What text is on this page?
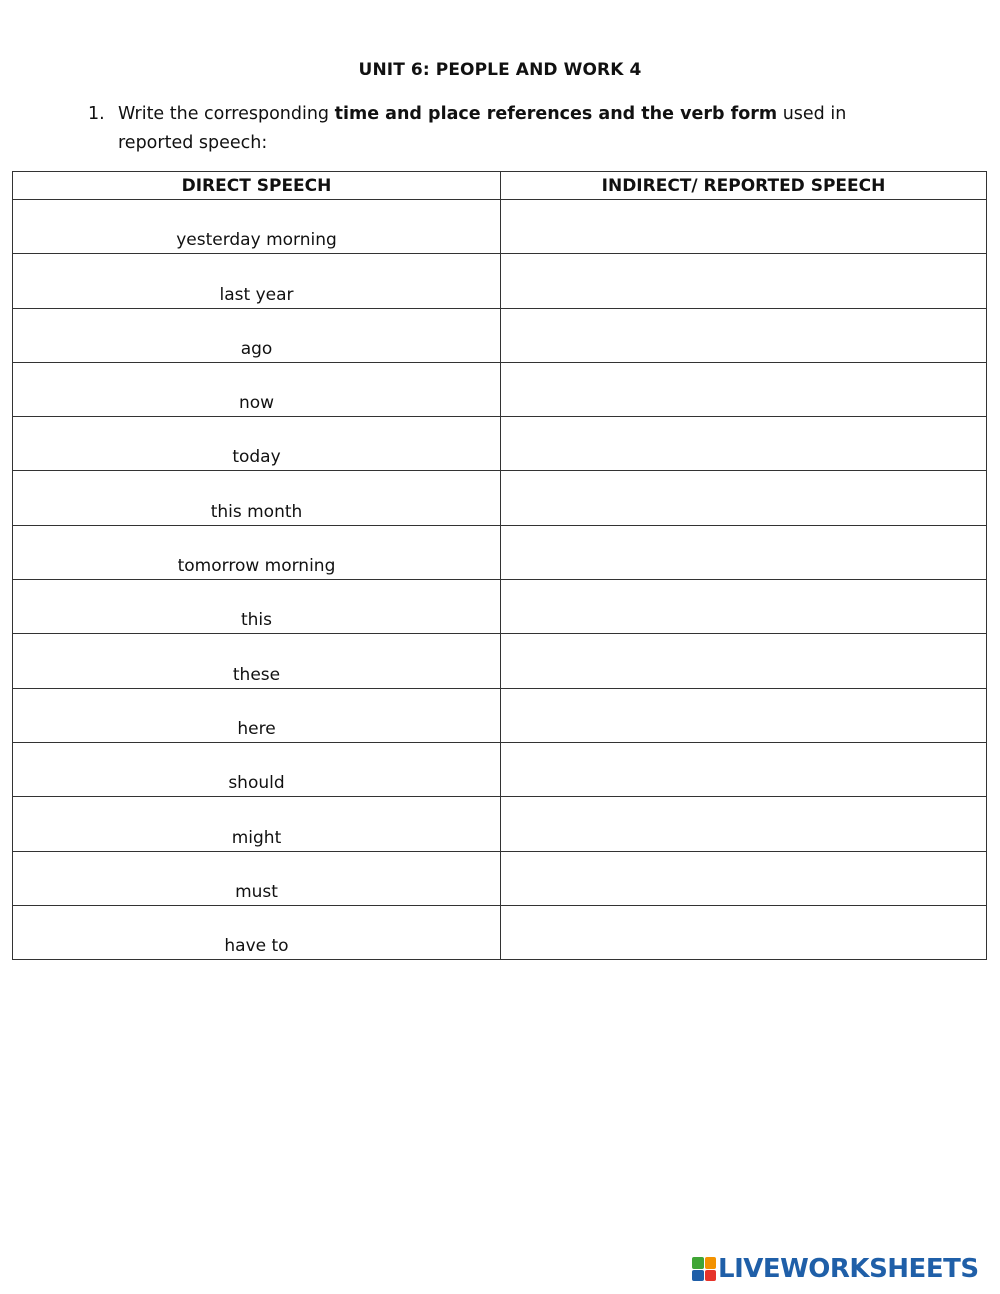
UNIT 6: PEOPLE AND WORK 4
1. Write the corresponding time and place references and the verb form used in reported speech:
DIRECT SPEECH	INDIRECT/ REPORTED SPEECH
yesterday morning	
last year	
ago	
now	
today	
this month	
tomorrow morning	
this	
these	
here	
should	
might	
must	
have to	
LIVEWORKSHEETS
